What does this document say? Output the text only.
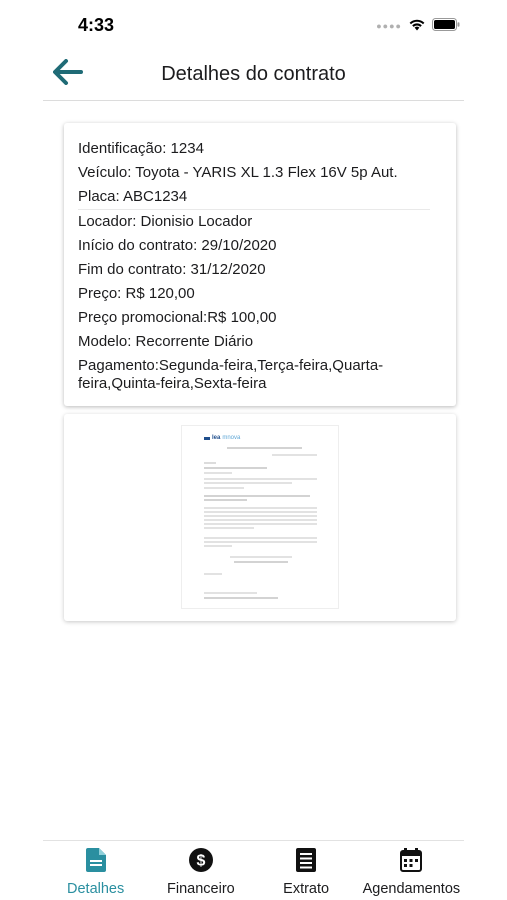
4:33	●●●●
Detalhes do contrato
Identificação: 1234
Veículo: Toyota - YARIS XL 1.3 Flex 16V 5p Aut.
Placa: ABC1234
Locador: Dionisio Locador
Início do contrato: 29/10/2020
Fim do contrato: 31/12/2020
Preço: R$ 120,00
Preço promocional:R$ 100,00
Modelo: Recorrente Diário
Pagamento:Segunda-feira,Terça-feira,Quarta-feira,Quinta-feira,Sexta-feira
lea mnova
Detalhes
$
Financeiro	Extrato Agendamentos
